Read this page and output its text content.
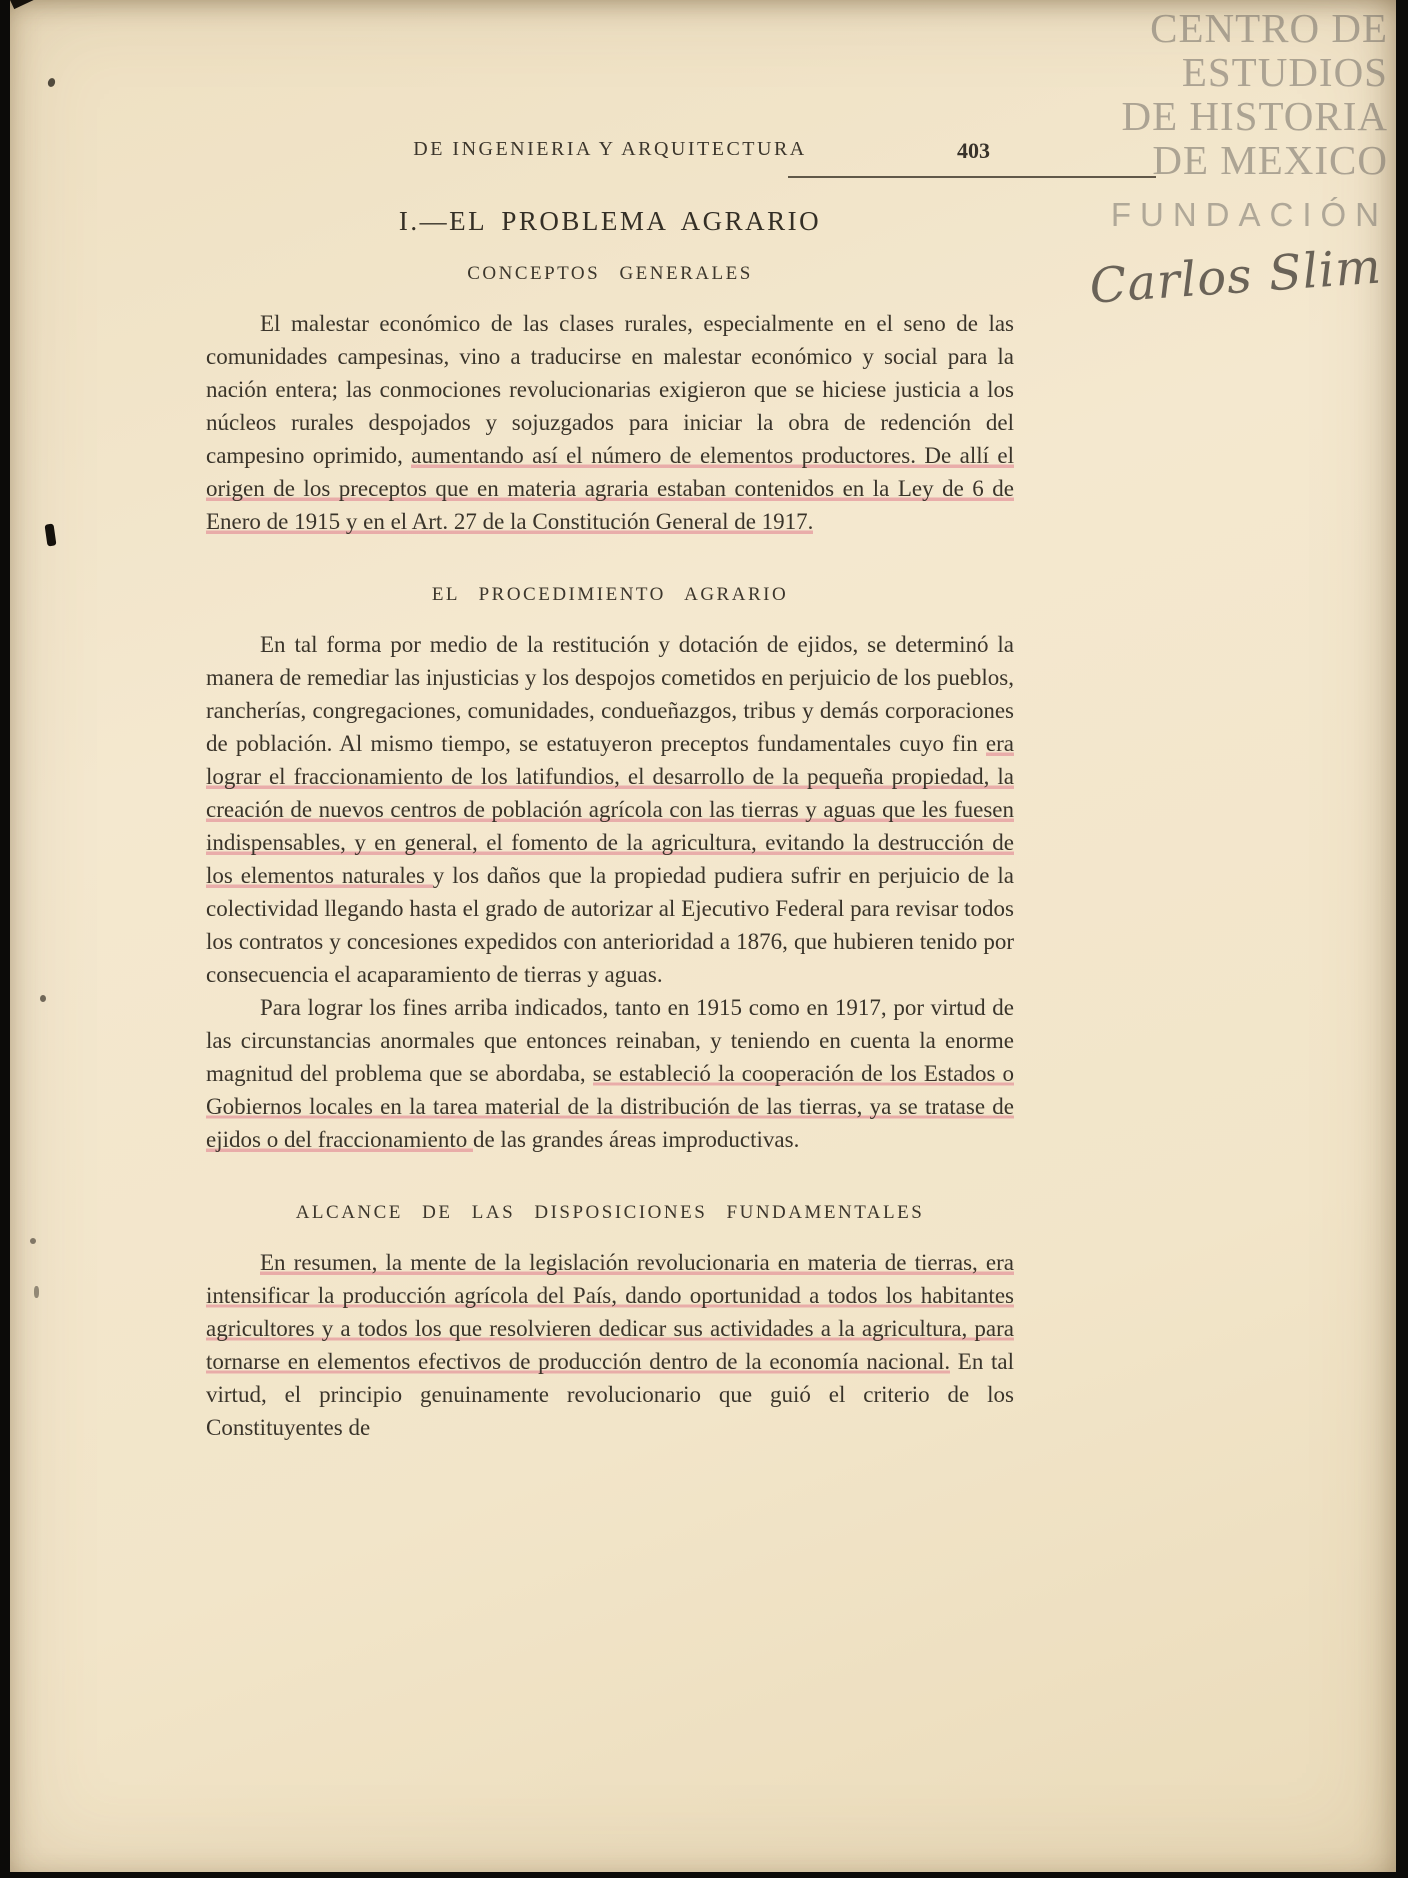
DE INGENIERIA Y ARQUITECTURA	403
I.—EL PROBLEMA AGRARIO
CONCEPTOS GENERALES

El malestar económico de las clases rurales, especialmente en el seno de las comunidades campesinas, vino a traducirse en malestar económico y social para la nación entera; las conmociones revolucionarias exigieron que se hiciese justicia a los núcleos rurales despojados y sojuzgados para iniciar la obra de redención del campesino oprimido, aumentando así el número de elementos productores. De allí el origen de los preceptos que en materia agraria estaban contenidos en la Ley de 6 de Enero de 1915 y en el Art. 27 de la Constitución General de 1917.

EL PROCEDIMIENTO AGRARIO

En tal forma por medio de la restitución y dotación de ejidos, se determinó la manera de remediar las injusticias y los despojos cometidos en perjuicio de los pueblos, rancherías, congregaciones, comunidades, condueñazgos, tribus y demás corporaciones de población. Al mismo tiempo, se estatuyeron preceptos fundamentales cuyo fin era lograr el fraccionamiento de los latifundios, el desarrollo de la pequeña propiedad, la creación de nuevos centros de población agrícola con las tierras y aguas que les fuesen indispensables, y en general, el fomento de la agricultura, evitando la destrucción de los elementos naturales y los daños que la propiedad pudiera sufrir en perjuicio de la colectividad llegando hasta el grado de autorizar al Ejecutivo Federal para revisar todos los contratos y concesiones expedidos con anterioridad a 1876, que hubieren tenido por consecuencia el acaparamiento de tierras y aguas.

Para lograr los fines arriba indicados, tanto en 1915 como en 1917, por virtud de las circunstancias anormales que entonces reinaban, y teniendo en cuenta la enorme magnitud del problema que se abordaba, se estableció la cooperación de los Estados o Gobiernos locales en la tarea material de la distribución de las tierras, ya se tratase de ejidos o del fraccionamiento de las grandes áreas improductivas.

ALCANCE DE LAS DISPOSICIONES FUNDAMENTALES

En resumen, la mente de la legislación revolucionaria en materia de tierras, era intensificar la producción agrícola del País, dando oportunidad a todos los habitantes agricultores y a todos los que resolvieren dedicar sus actividades a la agricultura, para tornarse en elementos efectivos de producción dentro de la economía nacional. En tal virtud, el principio genuinamente revolucionario que guió el criterio de los Constituyentes de

CENTRO DE
ESTUDIOS
DE HISTORIA
DE MEXICO
FUNDACIÓN
Carlos Slim
